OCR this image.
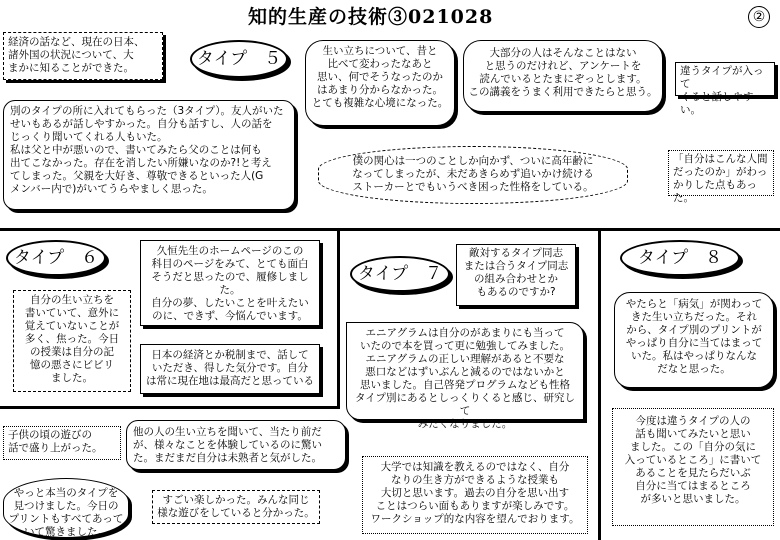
知的生産の技術③021028	②
経済の話など、現在の日本、
諸外国の状況について、大
まかに知ることができた。	タイプ　５
別のタイプの所に入れてもらった（3タイプ）。友人がいた
せいもあるが話しやすかった。自分も話すし、人の話を
じっくり聞いてくれる人もいた。
私は父と中が悪いので、書いてみたら父のことは何も
出てこなかった。存在を消したい所嫌いなのか?!と考え
てしまった。父親を大好き、尊敬できるといった人(G
メンバー内で)がいてうらやましく思った。
生い立ちについて、昔と
比べて変わったなあと
思い、何でそうなったのか
はあまり分からなかった。
とても複雑な心境になった。
大部分の人はそんなことはない
と思うのだけれど、アンケートを
読んでいるとたまにぞっとします。
この講義をうまく利用できたらと思う。
違うタイプが入って
くると話しやすい。
僕の関心は一つのことしか向かず、ついに高年齢に
なってしまったが、未だあきらめず追いかけ続ける
ストーカーとでもいうべき困った性格をしている。
「自分はこんな人間
だったのか」がわっ
かりした点もあった。
タイプ　６
自分の生い立ちを
書いていて、意外に
覚えていないことが
多く、焦った。今日
の授業は自分の記
憶の悪さにビビリ
ました。
久恒先生のホームページのこの
科目のページをみて、とても面白
そうだと思ったので、履修しました。
自分の夢、したいことを叶えたい
のに、できず、今悩んでいます。
日本の経済とか税制まで、話して
いただき、得した気分です。自分
は常に現在地は最高だと思っている
子供の頃の遊びの
話で盛り上がった。
やっと本当のタイプを
見つけました。今日の
プリントもすべてあって
いて驚きました。
他の人の生い立ちを聞いて、当たり前だ
が、様々なことを体験しているのに驚い
た。まだまだ自分は未熟者と気がした。
すごい楽しかった。みんな同じ
様な遊びをしていると分かった。
タイプ　７
敵対するタイプ同志
または合うタイプ同志
の組み合わせとか
もあるのですか?
エニアグラムは自分のがあまりにも当って
いたので本を買って更に勉強してみました。
エニアグラムの正しい理解があると不要な
悪口などはずいぶんと減るのではないかと
思いました。自己啓発プログラムなども性格
タイプ別にあるとしっくりくると感じ、研究して
みたくなりました。
大学では知識を教えるのではなく、自分
なりの生き方ができるような授業も
大切と思います。過去の自分を思い出す
ことはつらい面もありますが楽しみです。
ワークショップ的な内容を望んでおります。
タイプ　８
やたらと「病気」が関わって
きた生い立ちだった。それ
から、タイプ別のプリントが
やっぱり自分に当てはまって
いた。私はやっぱりなんな
だなと思った。
今度は違うタイプの人の
話も聞いてみたいと思い
ました。この「自分の気に
入っているところ」に書いて
あることを見たらだいぶ
自分に当てはまるところ
が多いと思いました。
